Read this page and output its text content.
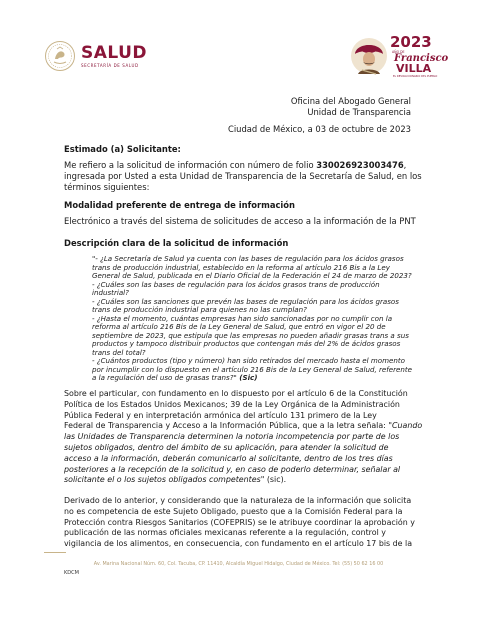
SALUD
SECRETARÍA DE SALUD
2023
AÑO DE
Francisco
VILLA
EL REVOLUCIONARIO DEL PUEBLO
Oficina del Abogado General
Unidad de Transparencia
Ciudad de México, a 03 de octubre de 2023
Estimado (a) Solicitante:
Me refiero a la solicitud de información con número de folio 330026923003476,
ingresada por Usted a esta Unidad de Transparencia de la Secretaría de Salud, en los
términos siguientes:
Modalidad preferente de entrega de información
Electrónico a través del sistema de solicitudes de acceso a la información de la PNT
Descripción clara de la solicitud de información
"- ¿La Secretaría de Salud ya cuenta con las bases de regulación para los ácidos grasos
trans de producción industrial, establecido en la reforma al artículo 216 Bis a la Ley
General de Salud, publicada en el Diario Oficial de la Federación el 24 de marzo de 2023?
- ¿Cuáles son las bases de regulación para los ácidos grasos trans de producción
industrial?
- ¿Cuáles son las sanciones que prevén las bases de regulación para los ácidos grasos
trans de producción industrial para quienes no las cumplan?
- ¿Hasta el momento, cuántas empresas han sido sancionadas por no cumplir con la
reforma al artículo 216 Bis de la Ley General de Salud, que entró en vigor el 20 de
septiembre de 2023, que estipula que las empresas no pueden añadir grasas trans a sus
productos y tampoco distribuir productos que contengan más del 2% de ácidos grasos
trans del total?
- ¿Cuántos productos (tipo y número) han sido retirados del mercado hasta el momento
por incumplir con lo dispuesto en el artículo 216 Bis de la Ley General de Salud, referente
a la regulación del uso de grasas trans?" (Sic)
Sobre el particular, con fundamento en lo dispuesto por el artículo 6 de la Constitución
Política de los Estados Unidos Mexicanos; 39 de la Ley Orgánica de la Administración
Pública Federal y en interpretación armónica del artículo 131 primero de la Ley
Federal de Transparencia y Acceso a la Información Pública, que a la letra señala: "Cuando
las Unidades de Transparencia determinen la notoria incompetencia por parte de los
sujetos obligados, dentro del ámbito de su aplicación, para atender la solicitud de
acceso a la información, deberán comunicarlo al solicitante, dentro de los tres días
posteriores a la recepción de la solicitud y, en caso de poderlo determinar, señalar al
solicitante el o los sujetos obligados competentes" (sic).
Derivado de lo anterior, y considerando que la naturaleza de la información que solicita
no es competencia de este Sujeto Obligado, puesto que a la Comisión Federal para la
Protección contra Riesgos Sanitarios (COFEPRIS) se le atribuye coordinar la aprobación y
publicación de las normas oficiales mexicanas referente a la regulación, control y
vigilancia de los alimentos, en consecuencia, con fundamento en el artículo 17 bis de la
Av. Marina Nacional Núm. 60, Col. Tacuba, CP. 11410, Alcaldía Miguel Hidalgo, Ciudad de México. Tel: (55) 50 62 16 00
KDCM
